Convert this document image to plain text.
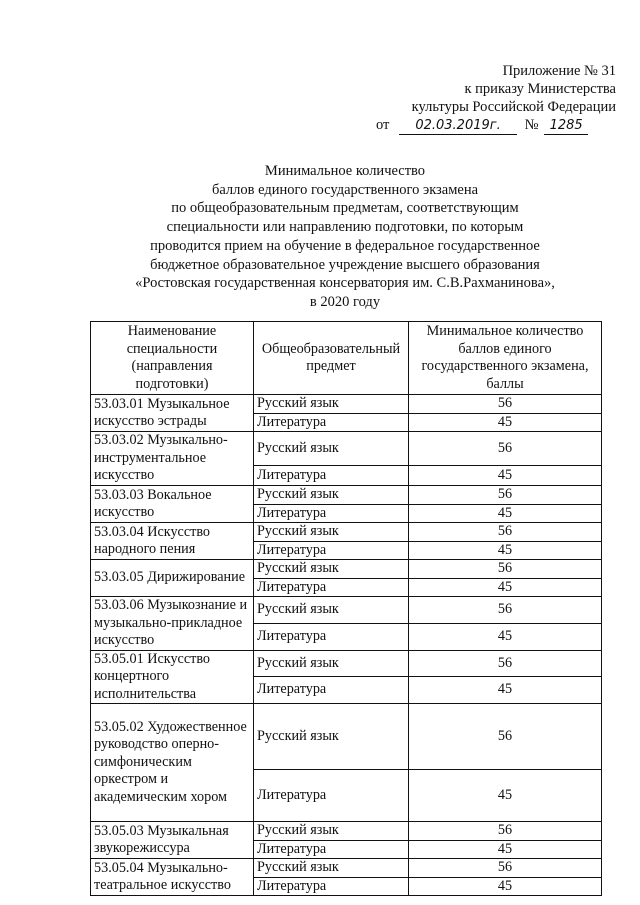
Приложение № 31
к приказу Министерства
культуры Российской Федерации
от 02.03.2019г. № 1285
Минимальное количество
баллов единого государственного экзамена
по общеобразовательным предметам, соответствующим
специальности или направлению подготовки, по которым
проводится прием на обучение в федеральное государственное
бюджетное образовательное учреждение высшего образования
«Ростовская государственная консерватория им. С.В.Рахманинова»,
в 2020 году
Наименование специальности (направления подготовки)	Общеобразовательный предмет	Минимальное количество баллов единого государственного экзамена, баллы
53.03.01 Музыкальное искусство эстрады	Русский язык	56
	Литература	45
53.03.02 Музыкально-инструментальное искусство	Русский язык	56
	Литература	45
53.03.03 Вокальное искусство	Русский язык	56
	Литература	45
53.03.04 Искусство народного пения	Русский язык	56
	Литература	45
53.03.05 Дирижирование	Русский язык	56
	Литература	45
53.03.06 Музыкознание и музыкально-прикладное искусство	Русский язык	56
	Литература	45
53.05.01 Искусство концертного исполнительства	Русский язык	56
	Литература	45
53.05.02 Художественное руководство оперно-симфоническим оркестром и академическим хором	Русский язык	56
	Литература	45
53.05.03 Музыкальная звукорежиссура	Русский язык	56
	Литература	45
53.05.04 Музыкально-театральное искусство	Русский язык	56
	Литература	45
